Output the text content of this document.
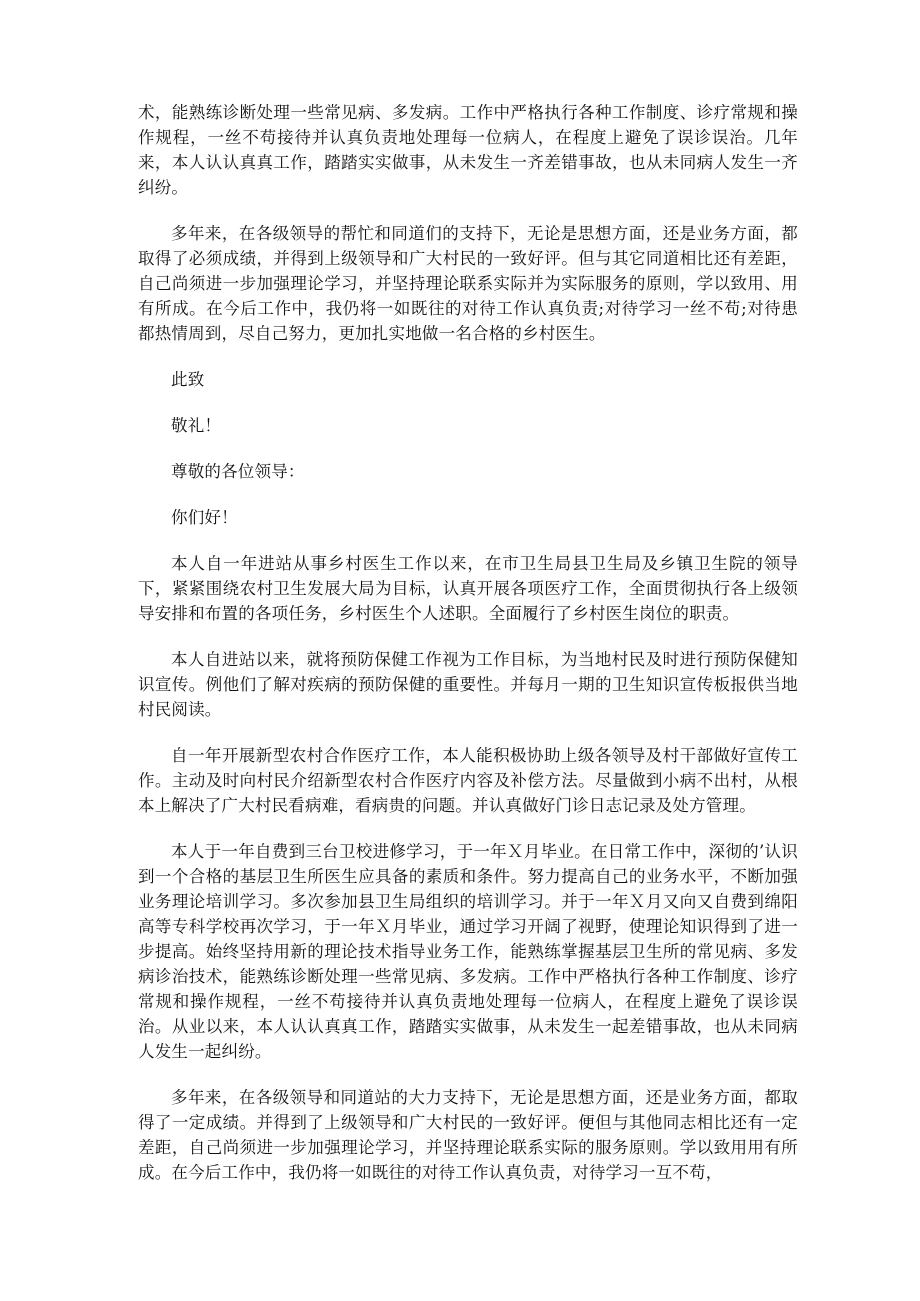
术，能熟练诊断处理一些常见病、多发病。工作中严格执行各种工作制度、诊疗常规和操作规程，一丝不苟接待并认真负责地处理每一位病人，在程度上避免了误诊误治。几年来，本人认认真真工作，踏踏实实做事，从未发生一齐差错事故，也从未同病人发生一齐纠纷。

多年来，在各级领导的帮忙和同道们的支持下，无论是思想方面，还是业务方面，都取得了必须成绩，并得到上级领导和广大村民的一致好评。但与其它同道相比还有差距，自己尚须进一步加强理论学习，并坚持理论联系实际并为实际服务的原则，学以致用、用有所成。在今后工作中，我仍将一如既往的对待工作认真负责;对待学习一丝不苟;对待患都热情周到，尽自己努力，更加扎实地做一名合格的乡村医生。

此致

敬礼！

尊敬的各位领导：

你们好！

本人自一年进站从事乡村医生工作以来，在市卫生局县卫生局及乡镇卫生院的领导下，紧紧围绕农村卫生发展大局为目标，认真开展各项医疗工作，全面贯彻执行各上级领导安排和布置的各项任务，乡村医生个人述职。全面履行了乡村医生岗位的职责。

本人自进站以来，就将预防保健工作视为工作目标，为当地村民及时进行预防保健知识宣传。例他们了解对疾病的预防保健的重要性。并每月一期的卫生知识宣传板报供当地村民阅读。

自一年开展新型农村合作医疗工作，本人能积极协助上级各领导及村干部做好宣传工作。主动及时向村民介绍新型农村合作医疗内容及补偿方法。尽量做到小病不出村，从根本上解决了广大村民看病难，看病贵的问题。并认真做好门诊日志记录及处方管理。

本人于一年自费到三台卫校进修学习，于一年Ｘ月毕业。在日常工作中，深彻的’认识到一个合格的基层卫生所医生应具备的素质和条件。努力提高自己的业务水平，不断加强业务理论培训学习。多次参加县卫生局组织的培训学习。并于一年Ｘ月又向又自费到绵阳高等专科学校再次学习，于一年Ｘ月毕业，通过学习开阔了视野，使理论知识得到了进一步提高。始终坚持用新的理论技术指导业务工作，能熟练掌握基层卫生所的常见病、多发病诊治技术，能熟练诊断处理一些常见病、多发病。工作中严格执行各种工作制度、诊疗常规和操作规程，一丝不苟接待并认真负责地处理每一位病人，在程度上避免了误诊误治。从业以来，本人认认真真工作，踏踏实实做事，从未发生一起差错事故，也从未同病人发生一起纠纷。

多年来，在各级领导和同道站的大力支持下，无论是思想方面，还是业务方面，都取得了一定成绩。并得到了上级领导和广大村民的一致好评。便但与其他同志相比还有一定差距，自己尚须进一步加强理论学习，并坚持理论联系实际的服务原则。学以致用用有所成。在今后工作中，我仍将一如既往的对待工作认真负责，对待学习一互不苟，
